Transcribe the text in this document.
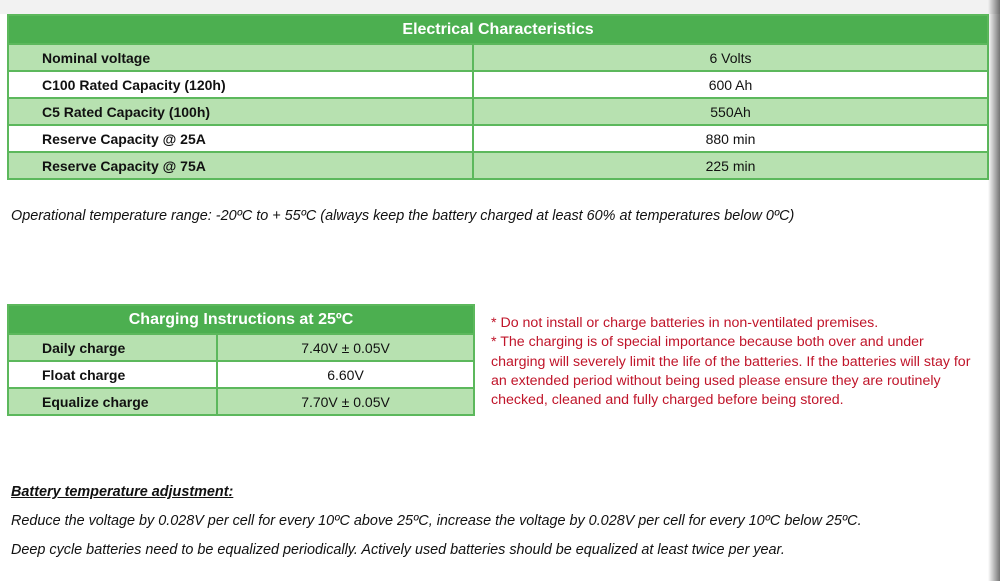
Electrical Characteristics	
Nominal voltage	6 Volts
C100 Rated Capacity (120h)	600 Ah
C5 Rated Capacity (100h)	550Ah
Reserve Capacity @ 25A	880 min
Reserve Capacity @ 75A	225 min
Operational temperature range: -20ºC to + 55ºC (always keep the battery charged at least 60% at temperatures below 0ºC)
Charging Instructions at 25ºC	
Daily charge	7.40V ± 0.05V
Float charge	6.60V
Equalize charge	7.70V ± 0.05V

* Do not install or charge batteries in non-ventilated premises.

* The charging is of special importance because both over and under charging will severely limit the life of the batteries. If the batteries will stay for an extended period without being used please ensure they are routinely checked, cleaned and fully charged before being stored.

Battery temperature adjustment:
Reduce the voltage by 0.028V per cell for every 10ºC above 25ºC, increase the voltage by 0.028V per cell for every 10ºC below 25ºC.
Deep cycle batteries need to be equalized periodically. Actively used batteries should be equalized at least twice per year.
